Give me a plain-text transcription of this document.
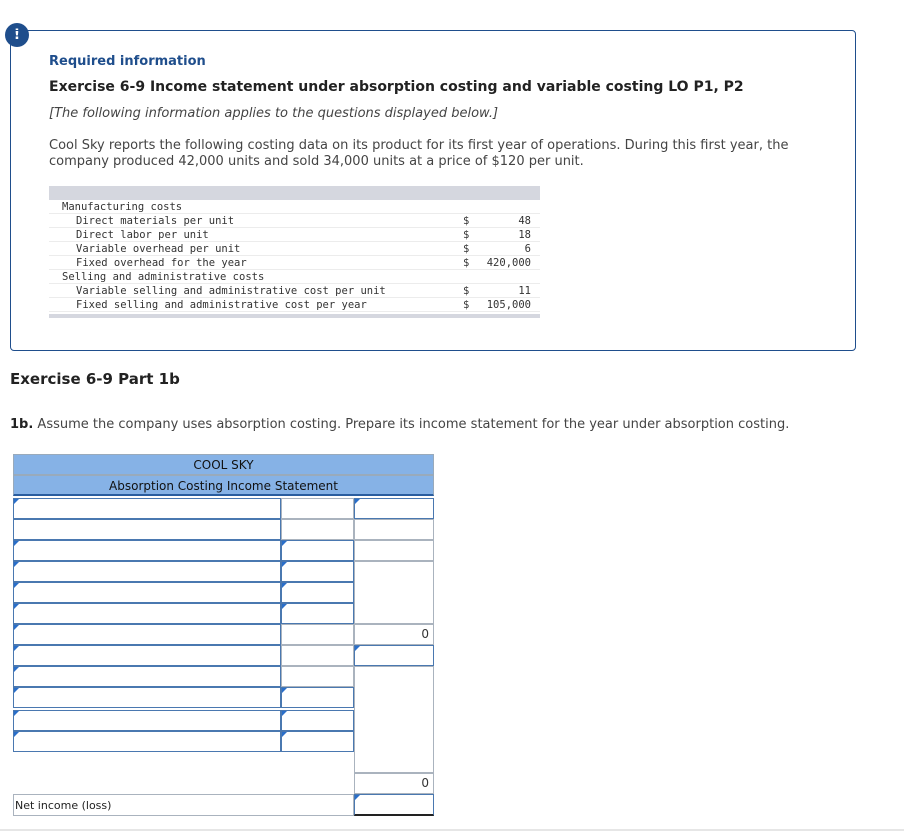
!
Required information
Exercise 6-9 Income statement under absorption costing and variable costing LO P1, P2
[The following information applies to the questions displayed below.]
Cool Sky reports the following costing data on its product for its first year of operations. During this first year, the company produced 42,000 units and sold 34,000 units at a price of $120 per unit.
Manufacturing costs
Direct materials per unit	$	48
Direct labor per unit	$	18
Variable overhead per unit	$	6
Fixed overhead for the year	$	420,000
Selling and administrative costs
Variable selling and administrative cost per unit	$	11
Fixed selling and administrative cost per year	$	105,000
Exercise 6-9 Part 1b
1b. Assume the company uses absorption costing. Prepare its income statement for the year under absorption costing.
COOL SKY
Absorption Costing Income Statement
0
0
Net income (loss)
